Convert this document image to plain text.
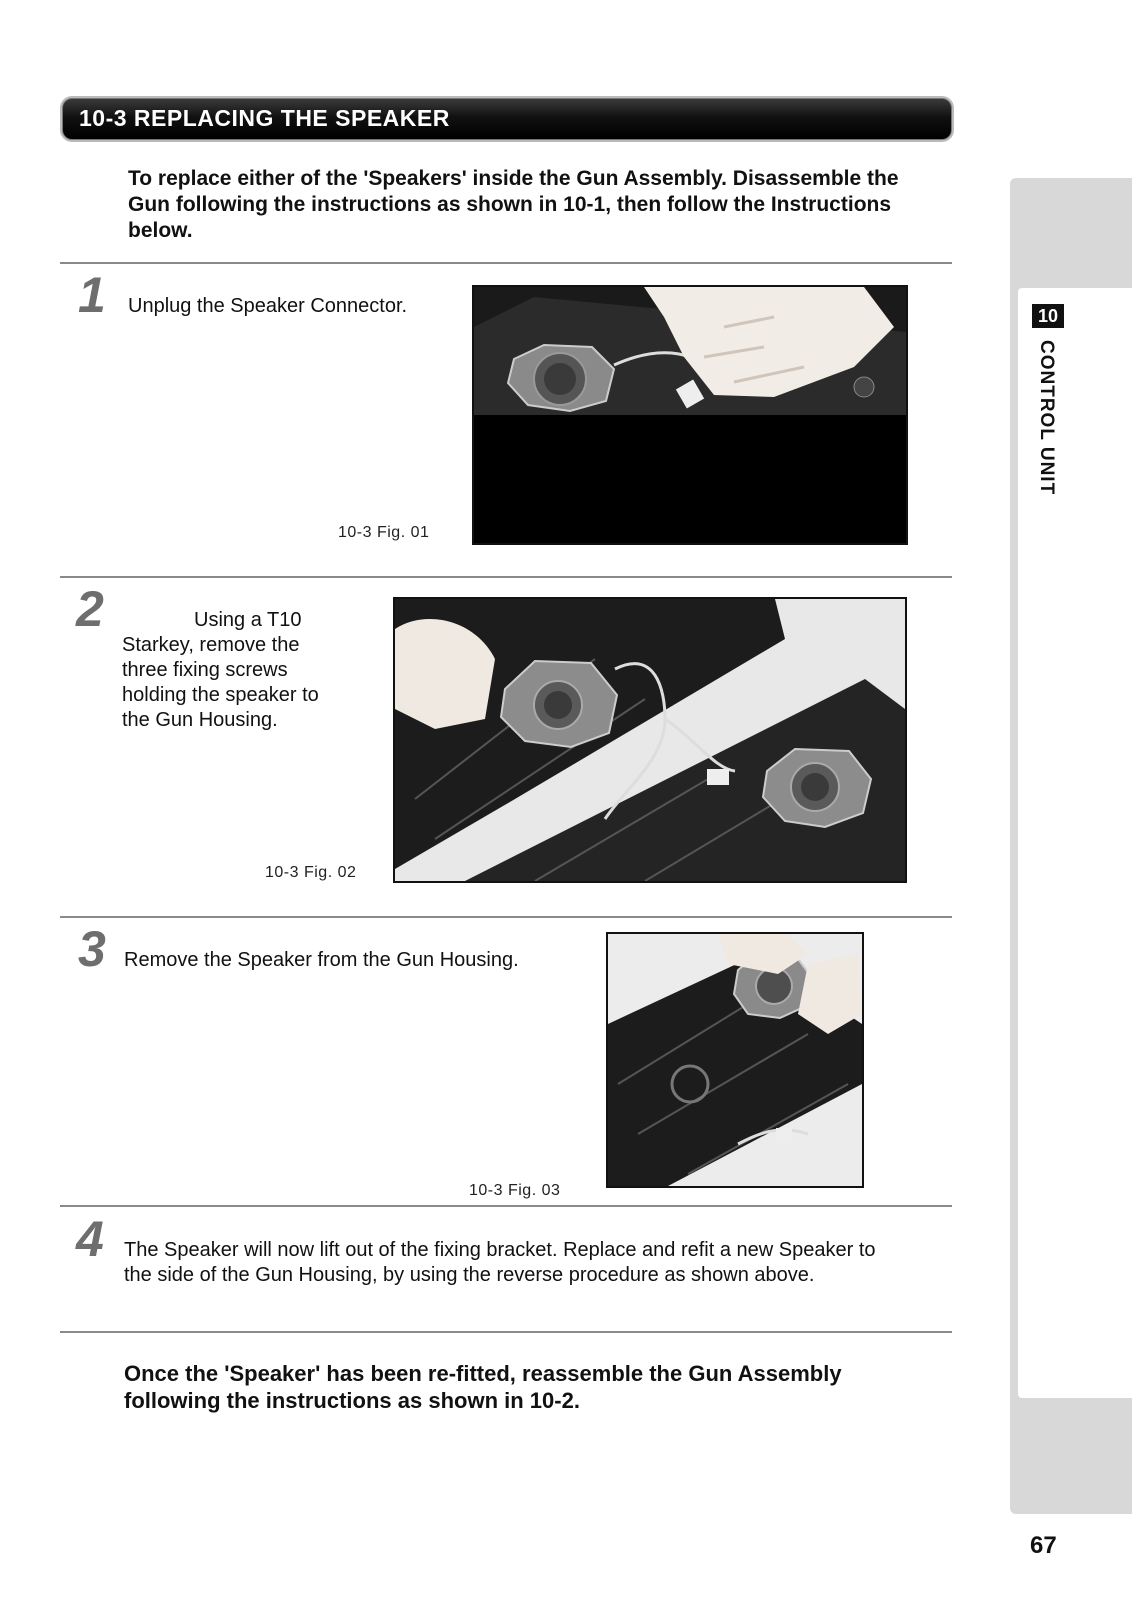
10-3 REPLACING THE SPEAKER
To replace either of the 'Speakers' inside the Gun Assembly. Disassemble the Gun following the instructions as shown in 10-1, then follow the Instructions below.
1 Unplug the Speaker Connector.
10-3 Fig. 01
2	Using a T10 Starkey, remove the three fixing screws holding the speaker to the Gun Housing.
10-3 Fig. 02
3 Remove the Speaker from the Gun Housing.
10-3 Fig. 03
4 The Speaker will now lift out of the fixing bracket. Replace and refit a new Speaker to the side of the Gun Housing, by using the reverse procedure as shown above.
Once the 'Speaker' has been re-fitted, reassemble the Gun Assembly following the instructions as shown in 10-2.
10
CONTROL UNIT
67
